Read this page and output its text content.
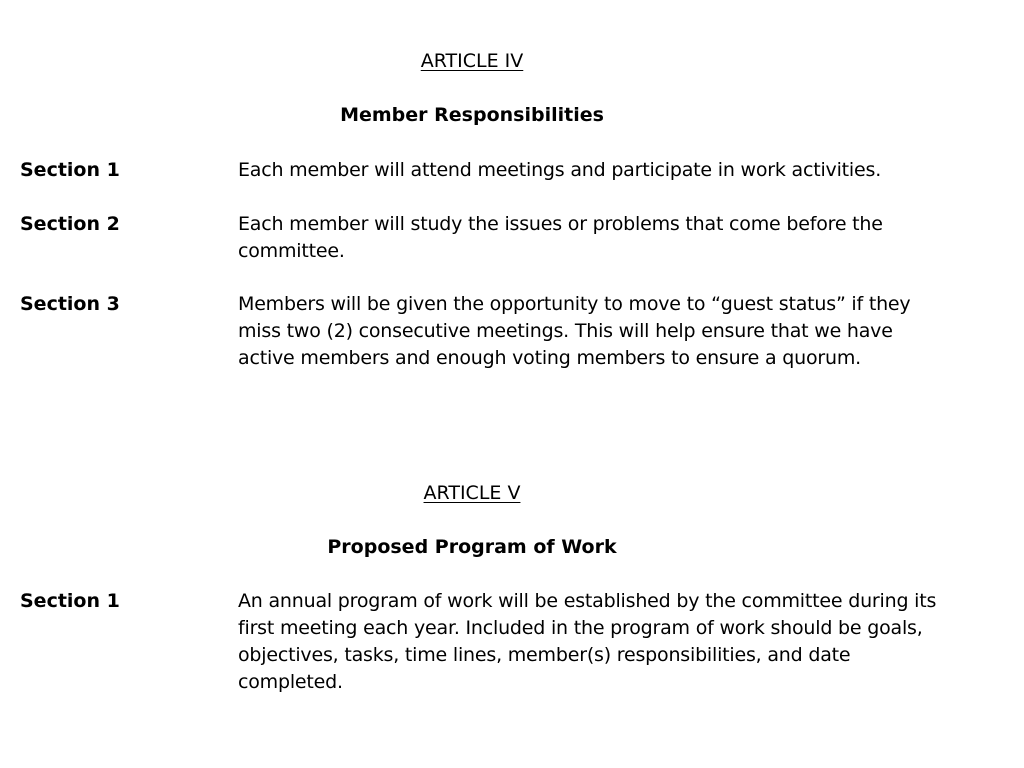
ARTICLE IV
Member Responsibilities
Section 1	Each member will attend meetings and participate in work activities.

Section 2	Each member will study the issues or problems that come before the committee.

Section 3	Members will be given the opportunity to move to “guest status” if they miss two (2) consecutive meetings. This will help ensure that we have active members and enough voting members to ensure a quorum.

ARTICLE V
Proposed Program of Work
Section 1	An annual program of work will be established by the committee during its first meeting each year. Included in the program of work should be goals, objectives, tasks, time lines, member(s) responsibilities, and date completed.
